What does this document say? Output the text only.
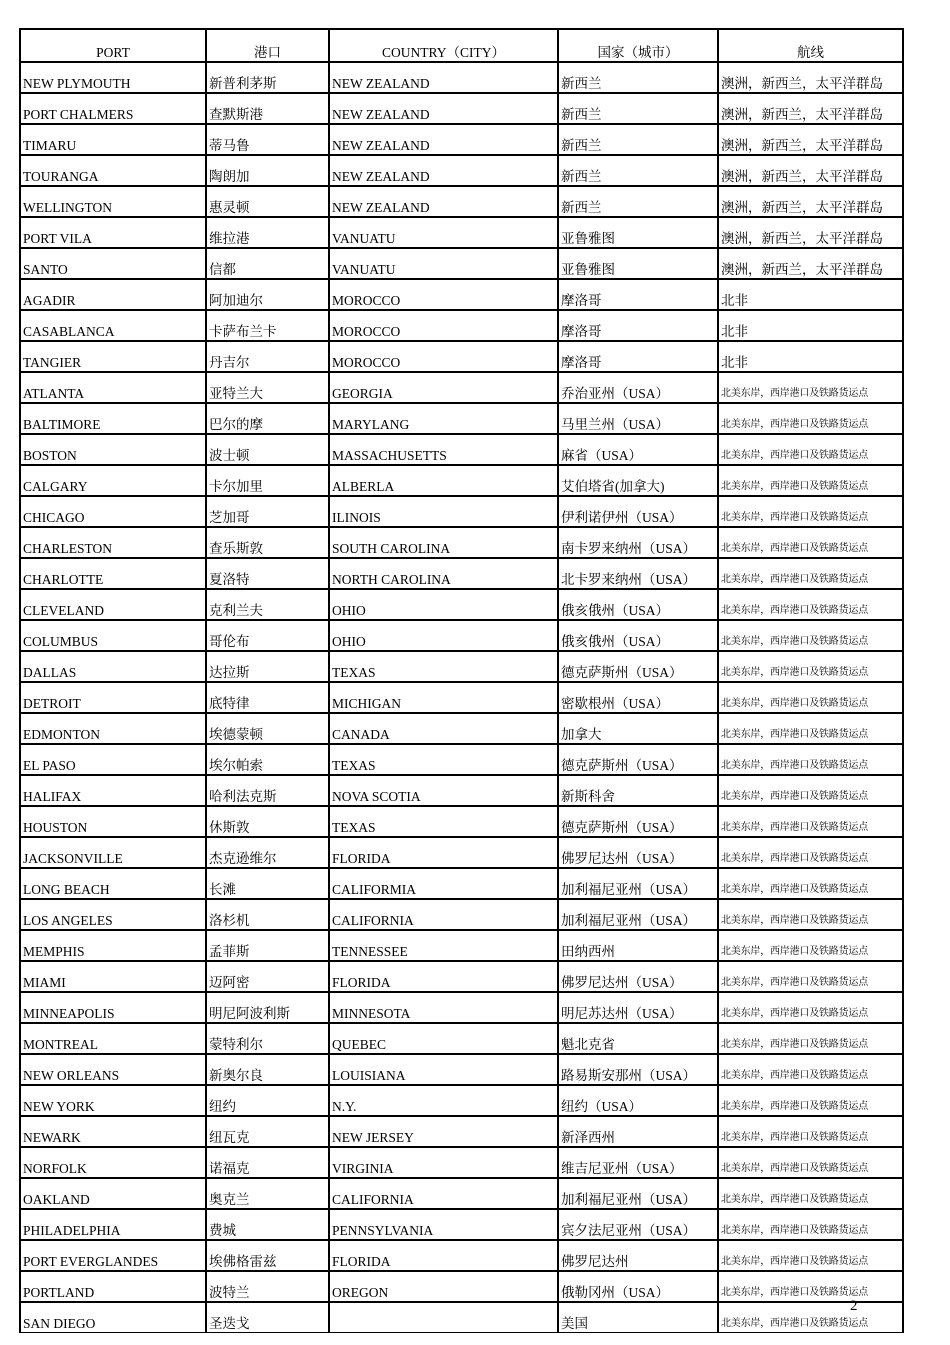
PORT	港口	COUNTRY（CITY）	国家（城市）	航线
NEW PLYMOUTH	新普利茅斯	NEW ZEALAND	新西兰	澳洲，新西兰，太平洋群岛
PORT CHALMERS	查默斯港	NEW ZEALAND	新西兰	澳洲，新西兰，太平洋群岛
TIMARU	蒂马鲁	NEW ZEALAND	新西兰	澳洲，新西兰，太平洋群岛
TOURANGA	陶朗加	NEW ZEALAND	新西兰	澳洲，新西兰，太平洋群岛
WELLINGTON	惠灵顿	NEW ZEALAND	新西兰	澳洲，新西兰，太平洋群岛
PORT VILA	维拉港	VANUATU	亚鲁雅图	澳洲，新西兰，太平洋群岛
SANTO	信都	VANUATU	亚鲁雅图	澳洲，新西兰，太平洋群岛
AGADIR	阿加迪尔	MOROCCO	摩洛哥	北非
CASABLANCA	卡萨布兰卡	MOROCCO	摩洛哥	北非
TANGIER	丹吉尔	MOROCCO	摩洛哥	北非
ATLANTA	亚特兰大	GEORGIA	乔治亚州（USA）	北美东岸，西岸港口及铁路货运点
BALTIMORE	巴尔的摩	MARYLANG	马里兰州（USA）	北美东岸，西岸港口及铁路货运点
BOSTON	波士顿	MASSACHUSETTS	麻省（USA）	北美东岸，西岸港口及铁路货运点
CALGARY	卡尔加里	ALBERLA	艾伯塔省(加拿大)	北美东岸，西岸港口及铁路货运点
CHICAGO	芝加哥	ILINOIS	伊利诺伊州（USA）	北美东岸，西岸港口及铁路货运点
CHARLESTON	查乐斯敦	SOUTH CAROLINA	南卡罗来纳州（USA）	北美东岸，西岸港口及铁路货运点
CHARLOTTE	夏洛特	NORTH CAROLINA	北卡罗来纳州（USA）	北美东岸，西岸港口及铁路货运点
CLEVELAND	克利兰夫	OHIO	俄亥俄州（USA）	北美东岸，西岸港口及铁路货运点
COLUMBUS	哥伦布	OHIO	俄亥俄州（USA）	北美东岸，西岸港口及铁路货运点
DALLAS	达拉斯	TEXAS	德克萨斯州（USA）	北美东岸，西岸港口及铁路货运点
DETROIT	底特律	MICHIGAN	密歇根州（USA）	北美东岸，西岸港口及铁路货运点
EDMONTON	埃德蒙顿	CANADA	加拿大	北美东岸，西岸港口及铁路货运点
EL PASO	埃尔帕索	TEXAS	德克萨斯州（USA）	北美东岸，西岸港口及铁路货运点
HALIFAX	哈利法克斯	NOVA SCOTIA	新斯科舍	北美东岸，西岸港口及铁路货运点
HOUSTON	休斯敦	TEXAS	德克萨斯州（USA）	北美东岸，西岸港口及铁路货运点
JACKSONVILLE	杰克逊维尔	FLORIDA	佛罗尼达州（USA）	北美东岸，西岸港口及铁路货运点
LONG BEACH	长滩	CALIFORMIA	加利福尼亚州（USA）	北美东岸，西岸港口及铁路货运点
LOS ANGELES	洛杉机	CALIFORNIA	加利福尼亚州（USA）	北美东岸，西岸港口及铁路货运点
MEMPHIS	孟菲斯	TENNESSEE	田纳西州	北美东岸，西岸港口及铁路货运点
MIAMI	迈阿密	FLORIDA	佛罗尼达州（USA）	北美东岸，西岸港口及铁路货运点
MINNEAPOLIS	明尼阿波利斯	MINNESOTA	明尼苏达州（USA）	北美东岸，西岸港口及铁路货运点
MONTREAL	蒙特利尔	QUEBEC	魁北克省	北美东岸，西岸港口及铁路货运点
NEW ORLEANS	新奥尔良	LOUISIANA	路易斯安那州（USA）	北美东岸，西岸港口及铁路货运点
NEW YORK	纽约	N.Y.	纽约（USA）	北美东岸，西岸港口及铁路货运点
NEWARK	纽瓦克	NEW JERSEY	新泽西州	北美东岸，西岸港口及铁路货运点
NORFOLK	诺福克	VIRGINIA	维吉尼亚州（USA）	北美东岸，西岸港口及铁路货运点
OAKLAND	奥克兰	CALIFORNIA	加利福尼亚州（USA）	北美东岸，西岸港口及铁路货运点
PHILADELPHIA	费城	PENNSYLVANIA	宾夕法尼亚州（USA）	北美东岸，西岸港口及铁路货运点
PORT EVERGLANDES	埃佛格雷兹	FLORIDA	佛罗尼达州	北美东岸，西岸港口及铁路货运点
PORTLAND	波特兰	OREGON	俄勒冈州（USA）	北美东岸，西岸港口及铁路货运点
SAN DIEGO	圣迭戈		美国	北美东岸，西岸港口及铁路货运点
2
